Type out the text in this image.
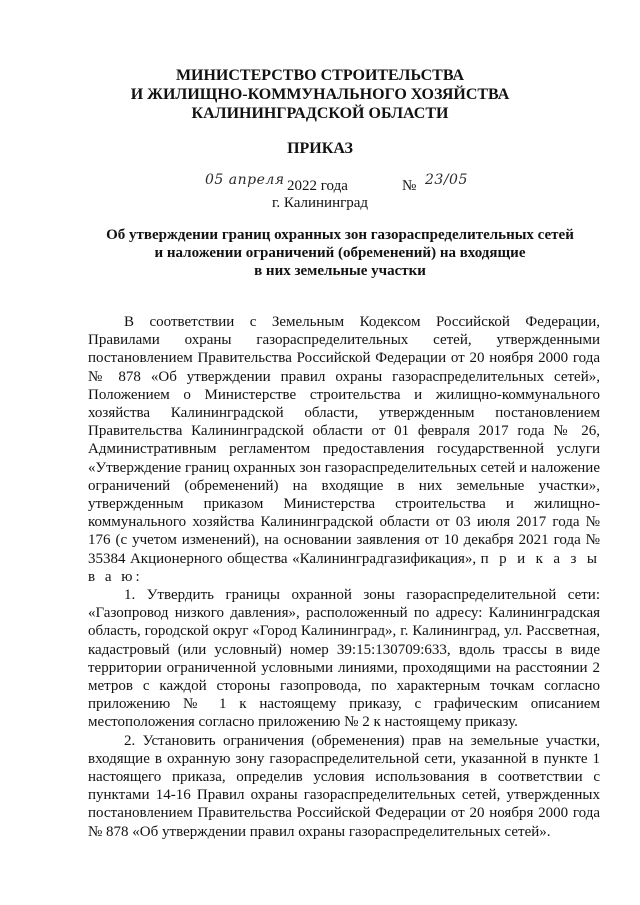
МИНИСТЕРСТВО СТРОИТЕЛЬСТВА
И ЖИЛИЩНО-КОММУНАЛЬНОГО ХОЗЯЙСТВА
КАЛИНИНГРАДСКОЙ ОБЛАСТИ
ПРИКАЗ
05 апреля 2022 года	№ 23/05
г. Калининград
Об утверждении границ охранных зон газораспределительных сетей
и наложении ограничений (обременений) на входящие
в них земельные участки

В соответствии с Земельным Кодексом Российской Федерации, Правилами охраны газораспределительных сетей, утвержденными постановлением Правительства Российской Федерации от 20 ноября 2000 года № 878 «Об утверждении правил охраны газораспределительных сетей», Положением о Министерстве строительства и жилищно-коммунального хозяйства Калининградской области, утвержденным постановлением Правительства Калининградской области от 01 февраля 2017 года № 26, Административным регламентом предоставления государственной услуги «Утверждение границ охранных зон газораспределительных сетей и наложение ограничений (обременений) на входящие в них земельные участки», утвержденным приказом Министерства строительства и жилищно-коммунального хозяйства Калининградской области от 03 июля 2017 года № 176 (с учетом изменений), на основании заявления от 10 декабря 2021 года № 35384 Акционерного общества «Калининградгазификация», п р и к а з ы в а ю:

1. Утвердить границы охранной зоны газораспределительной сети: «Газопровод низкого давления», расположенный по адресу: Калининградская область, городской округ «Город Калининград», г. Калининград, ул. Рассветная, кадастровый (или условный) номер 39:15:130709:633, вдоль трассы в виде территории ограниченной условными линиями, проходящими на расстоянии 2 метров с каждой стороны газопровода, по характерным точкам согласно приложению № 1 к настоящему приказу, с графическим описанием местоположения согласно приложению № 2 к настоящему приказу.

2. Установить ограничения (обременения) прав на земельные участки, входящие в охранную зону газораспределительной сети, указанной в пункте 1 настоящего приказа, определив условия использования в соответствии с пунктами 14-16 Правил охраны газораспределительных сетей, утвержденных постановлением Правительства Российской Федерации от 20 ноября 2000 года № 878 «Об утверждении правил охраны газораспределительных сетей».
